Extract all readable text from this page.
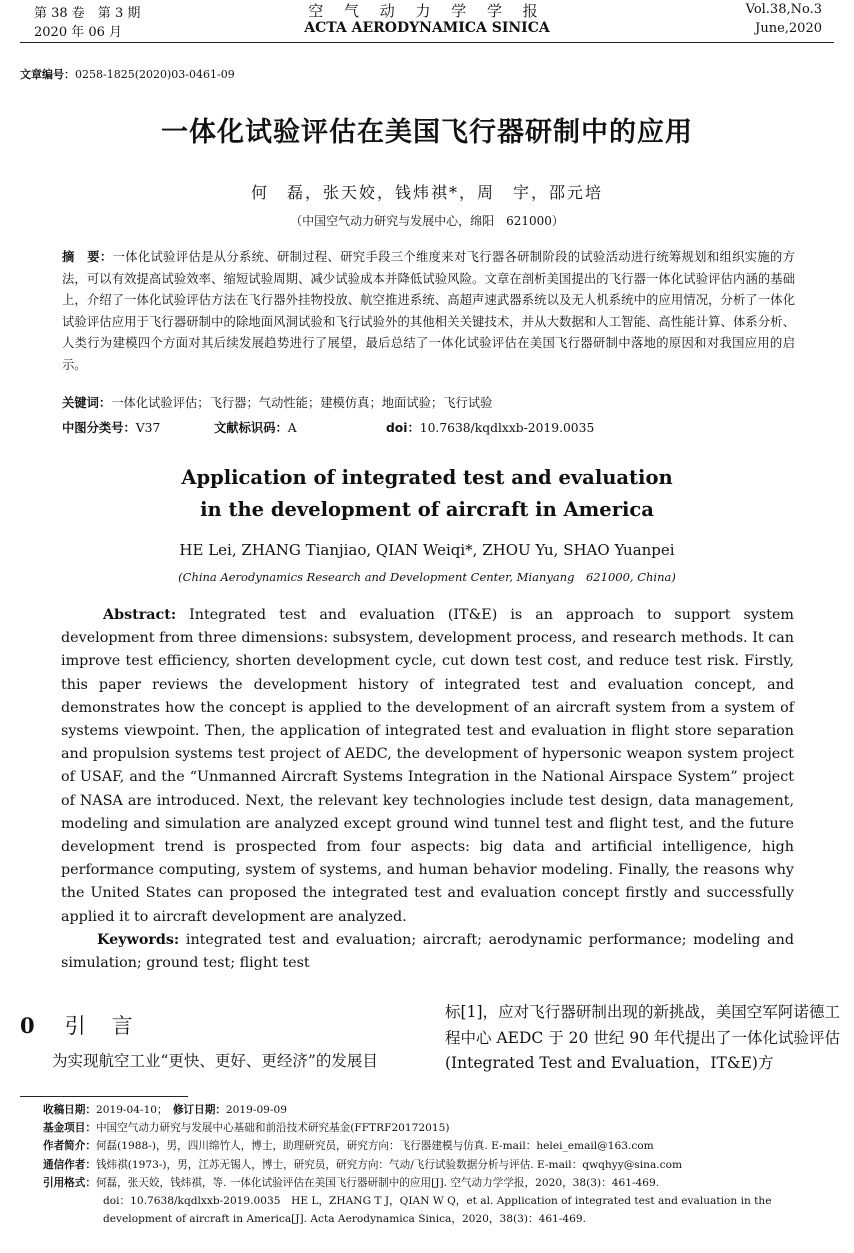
第 38 卷　第 3 期
2020 年 06 月
空 气 动 力 学 学 报
ACTA AERODYNAMICA SINICA
Vol.38,No.3
June,2020
文章编号：0258-1825(2020)03-0461-09
一体化试验评估在美国飞行器研制中的应用
何　磊，张天姣，钱炜祺*，周　宇，邵元培
（中国空气动力研究与发展中心，绵阳　621000）
摘　要：一体化试验评估是从分系统、研制过程、研究手段三个维度来对飞行器各研制阶段的试验活动进行统筹规划和组织实施的方法，可以有效提高试验效率、缩短试验周期、减少试验成本并降低试验风险。文章在剖析美国提出的飞行器一体化试验评估内涵的基础上，介绍了一体化试验评估方法在飞行器外挂物投放、航空推进系统、高超声速武器系统以及无人机系统中的应用情况，分析了一体化试验评估应用于飞行器研制中的除地面风洞试验和飞行试验外的其他相关关键技术，并从大数据和人工智能、高性能计算、体系分析、人类行为建模四个方面对其后续发展趋势进行了展望，最后总结了一体化试验评估在美国飞行器研制中落地的原因和对我国应用的启示。
关键词：一体化试验评估；飞行器；气动性能；建模仿真；地面试验；飞行试验
中图分类号：V37	文献标识码：A	doi：10.7638/kqdlxxb-2019.0035
Application of integrated test and evaluation
in the development of aircraft in America
HE Lei, ZHANG Tianjiao, QIAN Weiqi*, ZHOU Yu, SHAO Yuanpei
(China Aerodynamics Research and Development Center, Mianyang　621000, China)
Abstract: Integrated test and evaluation (IT&E) is an approach to support system development from three dimensions: subsystem, development process, and research methods. It can improve test efficiency, shorten development cycle, cut down test cost, and reduce test risk. Firstly, this paper reviews the development history of integrated test and evaluation concept, and demonstrates how the concept is applied to the development of an aircraft system from a system of systems viewpoint. Then, the application of integrated test and evaluation in flight store separation and propulsion systems test project of AEDC, the development of hypersonic weapon system project of USAF, and the “Unmanned Aircraft Systems Integration in the National Airspace System” project of NASA are introduced. Next, the relevant key technologies include test design, data management, modeling and simulation are analyzed except ground wind tunnel test and flight test, and the future development trend is prospected from four aspects: big data and artificial intelligence, high performance computing, system of systems, and human behavior modeling. Finally, the reasons why the United States can proposed the integrated test and evaluation concept firstly and successfully applied it to aircraft development are analyzed.
Keywords: integrated test and evaluation; aircraft; aerodynamic performance; modeling and simulation; ground test; flight test
0 引言
为实现航空工业“更快、更好、更经济”的发展目
标[1]，应对飞行器研制出现的新挑战，美国空军阿诺德工程中心 AEDC 于 20 世纪 90 年代提出了一体化试验评估(Integrated Test and Evaluation，IT&E)方
收稿日期：2019-04-10；　 修订日期：2019-09-09
基金项目：中国空气动力研究与发展中心基础和前沿技术研究基金(FFTRF20172015)
作者简介：何磊(1988-)，男，四川绵竹人，博士，助理研究员，研究方向：飞行器建模与仿真. E-mail：helei_email@163.com
通信作者：钱炜祺(1973-)，男，江苏无锡人，博士，研究员，研究方向：气动/飞行试验数据分析与评估. E-mail：qwqhyy@sina.com
引用格式：何磊，张天姣，钱炜祺，等. 一体化试验评估在美国飞行器研制中的应用[J]. 空气动力学学报，2020，38(3)：461-469.
doi：10.7638/kqdlxxb-2019.0035　HE L，ZHANG T J，QIAN W Q，et al. Application of integrated test and evaluation in the
development of aircraft in America[J]. Acta Aerodynamica Sinica，2020，38(3)：461-469.
